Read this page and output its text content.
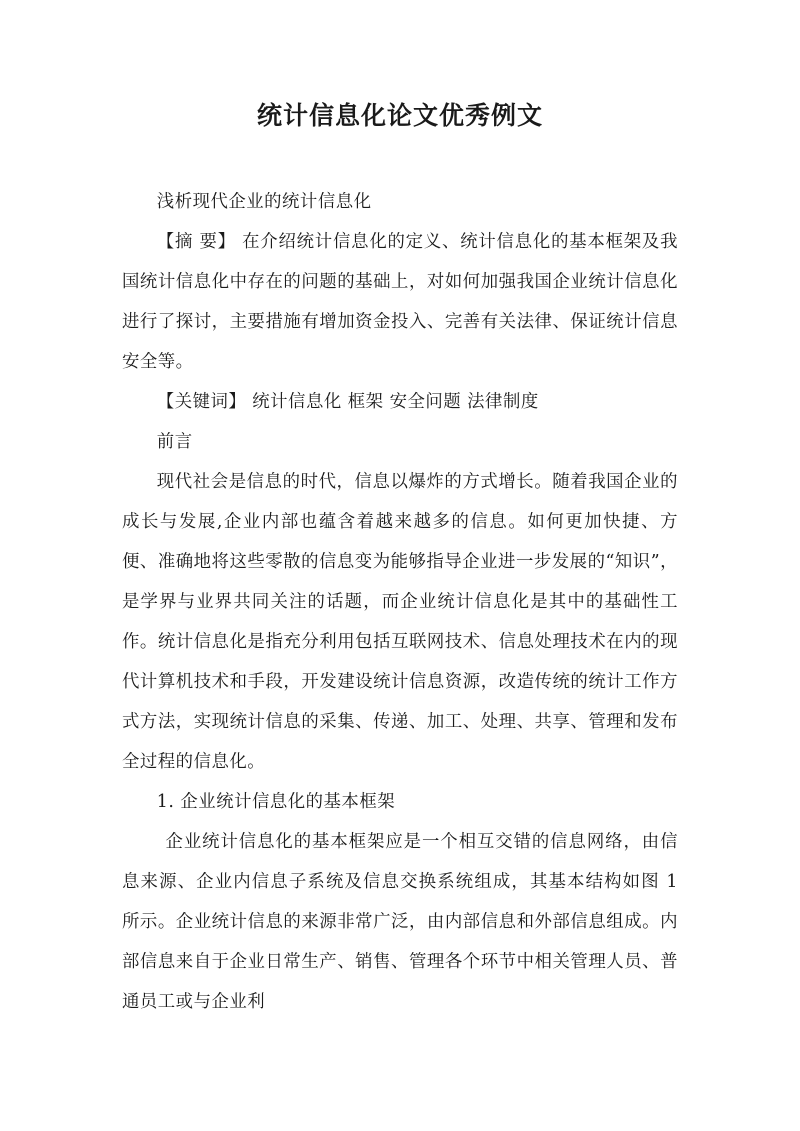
统计信息化论文优秀例文

浅析现代企业的统计信息化

【摘 要】 在介绍统计信息化的定义、统计信息化的基本框架及我国统计信息化中存在的问题的基础上，对如何加强我国企业统计信息化进行了探讨，主要措施有增加资金投入、完善有关法律、保证统计信息安全等。

【关键词】 统计信息化 框架 安全问题 法律制度

前言

现代社会是信息的时代，信息以爆炸的方式增长。随着我国企业的成长与发展,企业内部也蕴含着越来越多的信息。如何更加快捷、方便、准确地将这些零散的信息变为能够指导企业进一步发展的“知识”，是学界与业界共同关注的话题，而企业统计信息化是其中的基础性工作。统计信息化是指充分利用包括互联网技术、信息处理技术在内的现代计算机技术和手段，开发建设统计信息资源，改造传统的统计工作方式方法，实现统计信息的采集、传递、加工、处理、共享、管理和发布全过程的信息化。

1. 企业统计信息化的基本框架

企业统计信息化的基本框架应是一个相互交错的信息网络，由信息来源、企业内信息子系统及信息交换系统组成，其基本结构如图 1 所示。企业统计信息的来源非常广泛，由内部信息和外部信息组成。内部信息来自于企业日常生产、销售、管理各个环节中相关管理人员、普通员工或与企业利
